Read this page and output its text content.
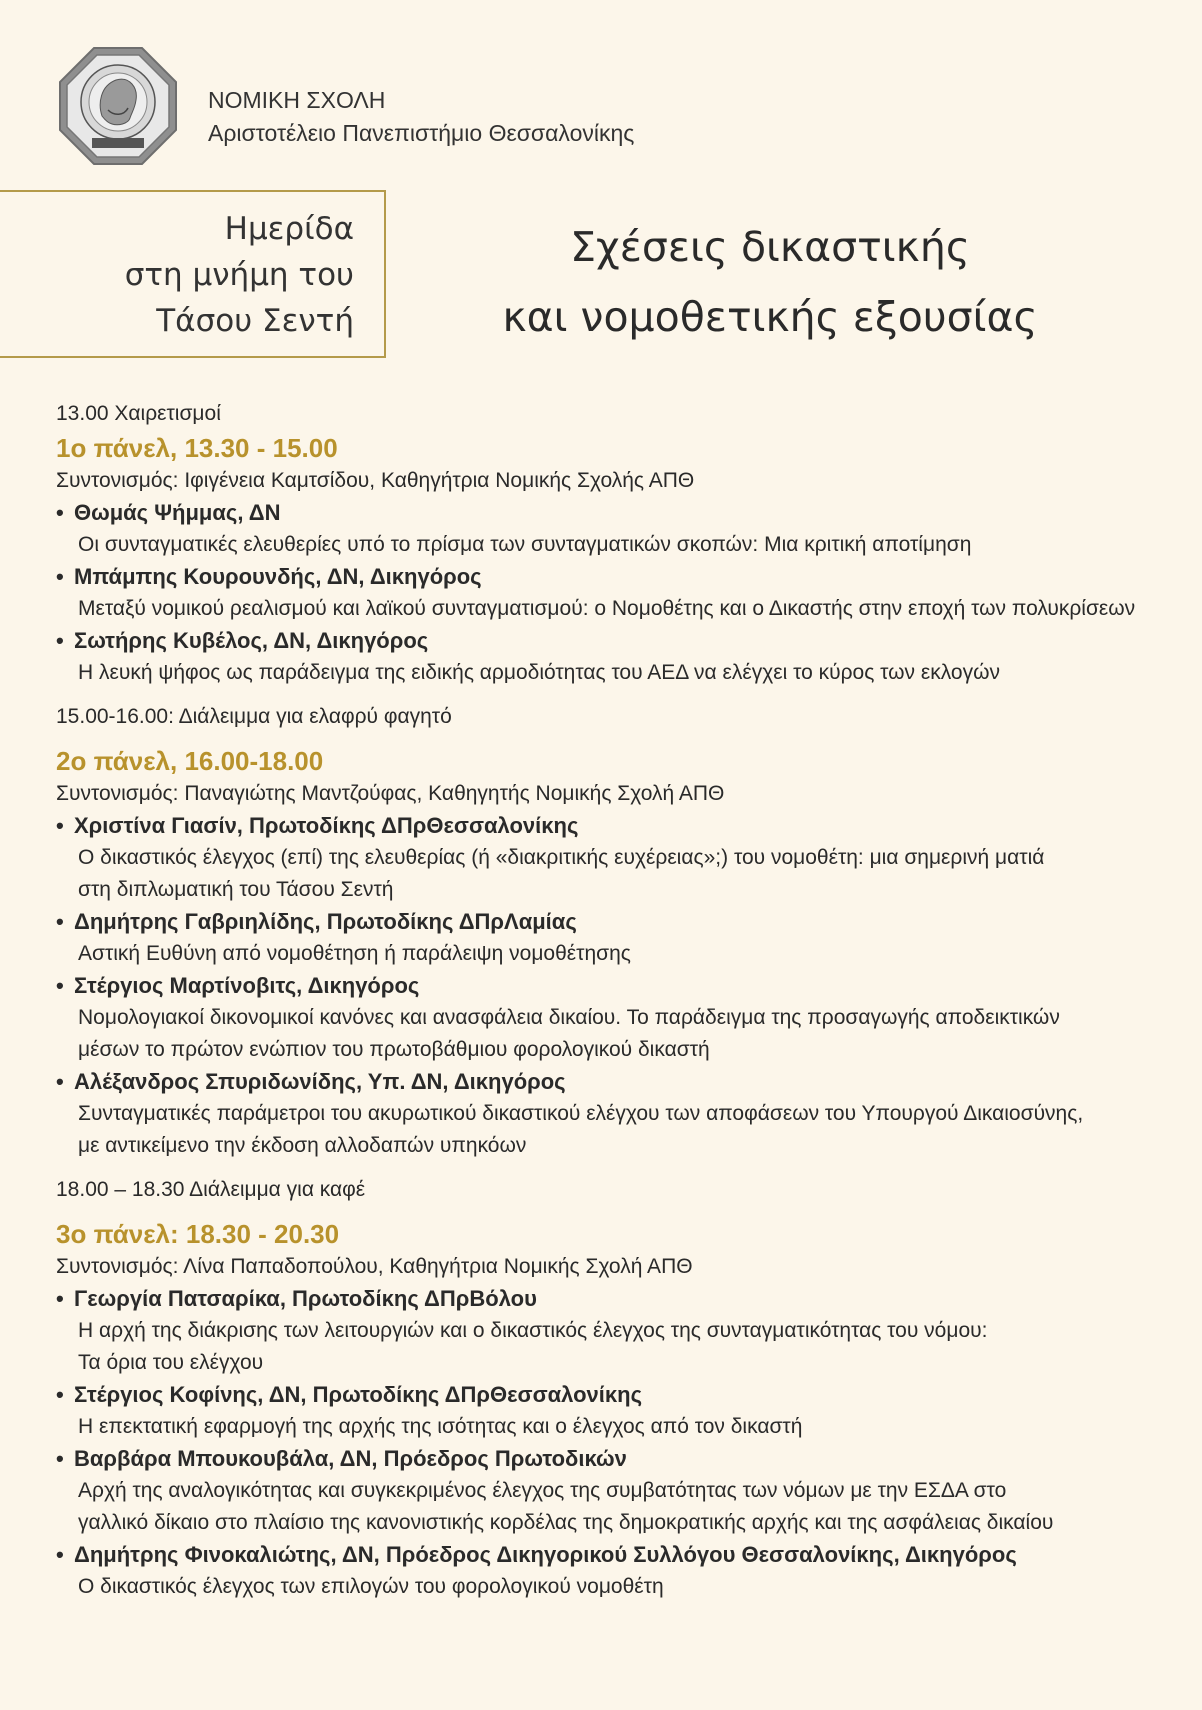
ΝΟΜΙΚΗ ΣΧΟΛΗ
Αριστοτέλειο Πανεπιστήμιο Θεσσαλονίκης
Ημερίδα
στη μνήμη του
Τάσου Σεντή
Σχέσεις δικαστικής
και νομοθετικής εξουσίας
13.00 Χαιρετισμοί
1ο πάνελ, 13.30 - 15.00
Συντονισμός: Ιφιγένεια Καμτσίδου, Καθηγήτρια Νομικής Σχολής ΑΠΘ
• Θωμάς Ψήμμας, ΔΝ
Οι συνταγματικές ελευθερίες υπό το πρίσμα των συνταγματικών σκοπών: Μια κριτική αποτίμηση
• Μπάμπης Κουρουνδής, ΔΝ, Δικηγόρος
Μεταξύ νομικού ρεαλισμού και λαϊκού συνταγματισμού: ο Νομοθέτης και ο Δικαστής στην εποχή των πολυκρίσεων
• Σωτήρης Κυβέλος, ΔΝ, Δικηγόρος
Η λευκή ψήφος ως παράδειγμα της ειδικής αρμοδιότητας του ΑΕΔ να ελέγχει το κύρος των εκλογών
15.00-16.00: Διάλειμμα για ελαφρύ φαγητό
2ο πάνελ, 16.00-18.00
Συντονισμός: Παναγιώτης Μαντζούφας, Καθηγητής Νομικής Σχολή ΑΠΘ
• Χριστίνα Γιασίν, Πρωτοδίκης ΔΠρΘεσσαλονίκης
Ο δικαστικός έλεγχος (επί) της ελευθερίας (ή «διακριτικής ευχέρειας»;) του νομοθέτη: μια σημερινή ματιά
στη διπλωματική του Τάσου Σεντή
• Δημήτρης Γαβριηλίδης, Πρωτοδίκης ΔΠρΛαμίας
Αστική Ευθύνη από νομοθέτηση ή παράλειψη νομοθέτησης
• Στέργιος Μαρτίνοβιτς, Δικηγόρος
Νομολογιακοί δικονομικοί κανόνες και ανασφάλεια δικαίου. Το παράδειγμα της προσαγωγής αποδεικτικών
μέσων το πρώτον ενώπιον του πρωτοβάθμιου φορολογικού δικαστή
• Αλέξανδρος Σπυριδωνίδης, Υπ. ΔΝ, Δικηγόρος
Συνταγματικές παράμετροι του ακυρωτικού δικαστικού ελέγχου των αποφάσεων του Υπουργού Δικαιοσύνης,
με αντικείμενο την έκδοση αλλοδαπών υπηκόων
18.00 – 18.30 Διάλειμμα για καφέ
3ο πάνελ: 18.30 - 20.30
Συντονισμός: Λίνα Παπαδοπούλου, Καθηγήτρια Νομικής Σχολή ΑΠΘ
• Γεωργία Πατσαρίκα, Πρωτοδίκης ΔΠρΒόλου
Η αρχή της διάκρισης των λειτουργιών και ο δικαστικός έλεγχος της συνταγματικότητας του νόμου:
Τα όρια του ελέγχου
• Στέργιος Κοφίνης, ΔΝ, Πρωτοδίκης ΔΠρΘεσσαλονίκης
Η επεκτατική εφαρμογή της αρχής της ισότητας και ο έλεγχος από τον δικαστή
• Βαρβάρα Μπουκουβάλα, ΔΝ, Πρόεδρος Πρωτοδικών
Αρχή της αναλογικότητας και συγκεκριμένος έλεγχος της συμβατότητας των νόμων με την ΕΣΔΑ στο
γαλλικό δίκαιο στο πλαίσιο της κανονιστικής κορδέλας της δημοκρατικής αρχής και της ασφάλειας δικαίου
• Δημήτρης Φινοκαλιώτης, ΔΝ, Πρόεδρος Δικηγορικού Συλλόγου Θεσσαλονίκης, Δικηγόρος
Ο δικαστικός έλεγχος των επιλογών του φορολογικού νομοθέτη
